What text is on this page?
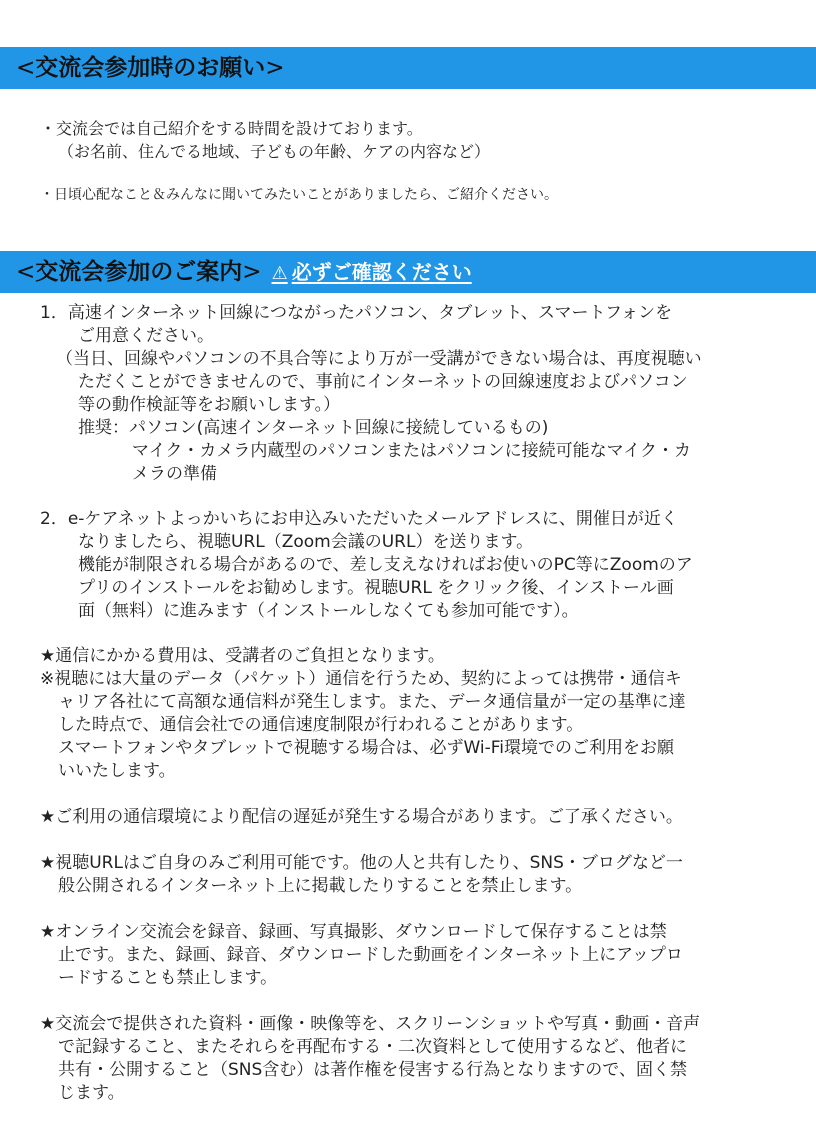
<交流会参加時のお願い>
・交流会では自己紹介をする時間を設けております。
（お名前、住んでる地域、子どもの年齢、ケアの内容など）
・日頃心配なこと＆みんなに聞いてみたいことがありましたら、ご紹介ください。
<交流会参加のご案内> ⚠ 必ずご確認ください
1．高速インターネット回線につながったパソコン、タブレット、スマートフォンを
ご用意ください。
（当日、回線やパソコンの不具合等により万が一受講ができない場合は、再度視聴い
ただくことができませんので、事前にインターネットの回線速度およびパソコン
等の動作検証等をお願いします。）
推奨：パソコン(高速インターネット回線に接続しているもの)
マイク・カメラ内蔵型のパソコンまたはパソコンに接続可能なマイク・カ
メラの準備
2．e-ケアネットよっかいちにお申込みいただいたメールアドレスに、開催日が近く
なりましたら、視聴URL（Zoom会議のURL）を送ります。
機能が制限される場合があるので、差し支えなければお使いのPC等にZoomのア
プリのインストールをお勧めします。視聴URL をクリック後、インストール画
面（無料）に進みます（インストールしなくても参加可能です）。
★通信にかかる費用は、受講者のご負担となります。
※視聴には大量のデータ（パケット）通信を行うため、契約によっては携帯・通信キ
ャリア各社にて高額な通信料が発生します。また、データ通信量が一定の基準に達
した時点で、通信会社での通信速度制限が行われることがあります。
スマートフォンやタブレットで視聴する場合は、必ずWi-Fi環境でのご利用をお願
いいたします。
★ご利用の通信環境により配信の遅延が発生する場合があります。ご了承ください。
★視聴URLはご自身のみご利用可能です。他の人と共有したり、SNS・ブログなど一
般公開されるインターネット上に掲載したりすることを禁止します。
★オンライン交流会を録音、録画、写真撮影、ダウンロードして保存することは禁
止です。また、録画、録音、ダウンロードした動画をインターネット上にアップロ
ードすることも禁止します。
★交流会で提供された資料・画像・映像等を、スクリーンショットや写真・動画・音声
で記録すること、またそれらを再配布する・二次資料として使用するなど、他者に
共有・公開すること（SNS含む）は著作権を侵害する行為となりますので、固く禁
じます。
